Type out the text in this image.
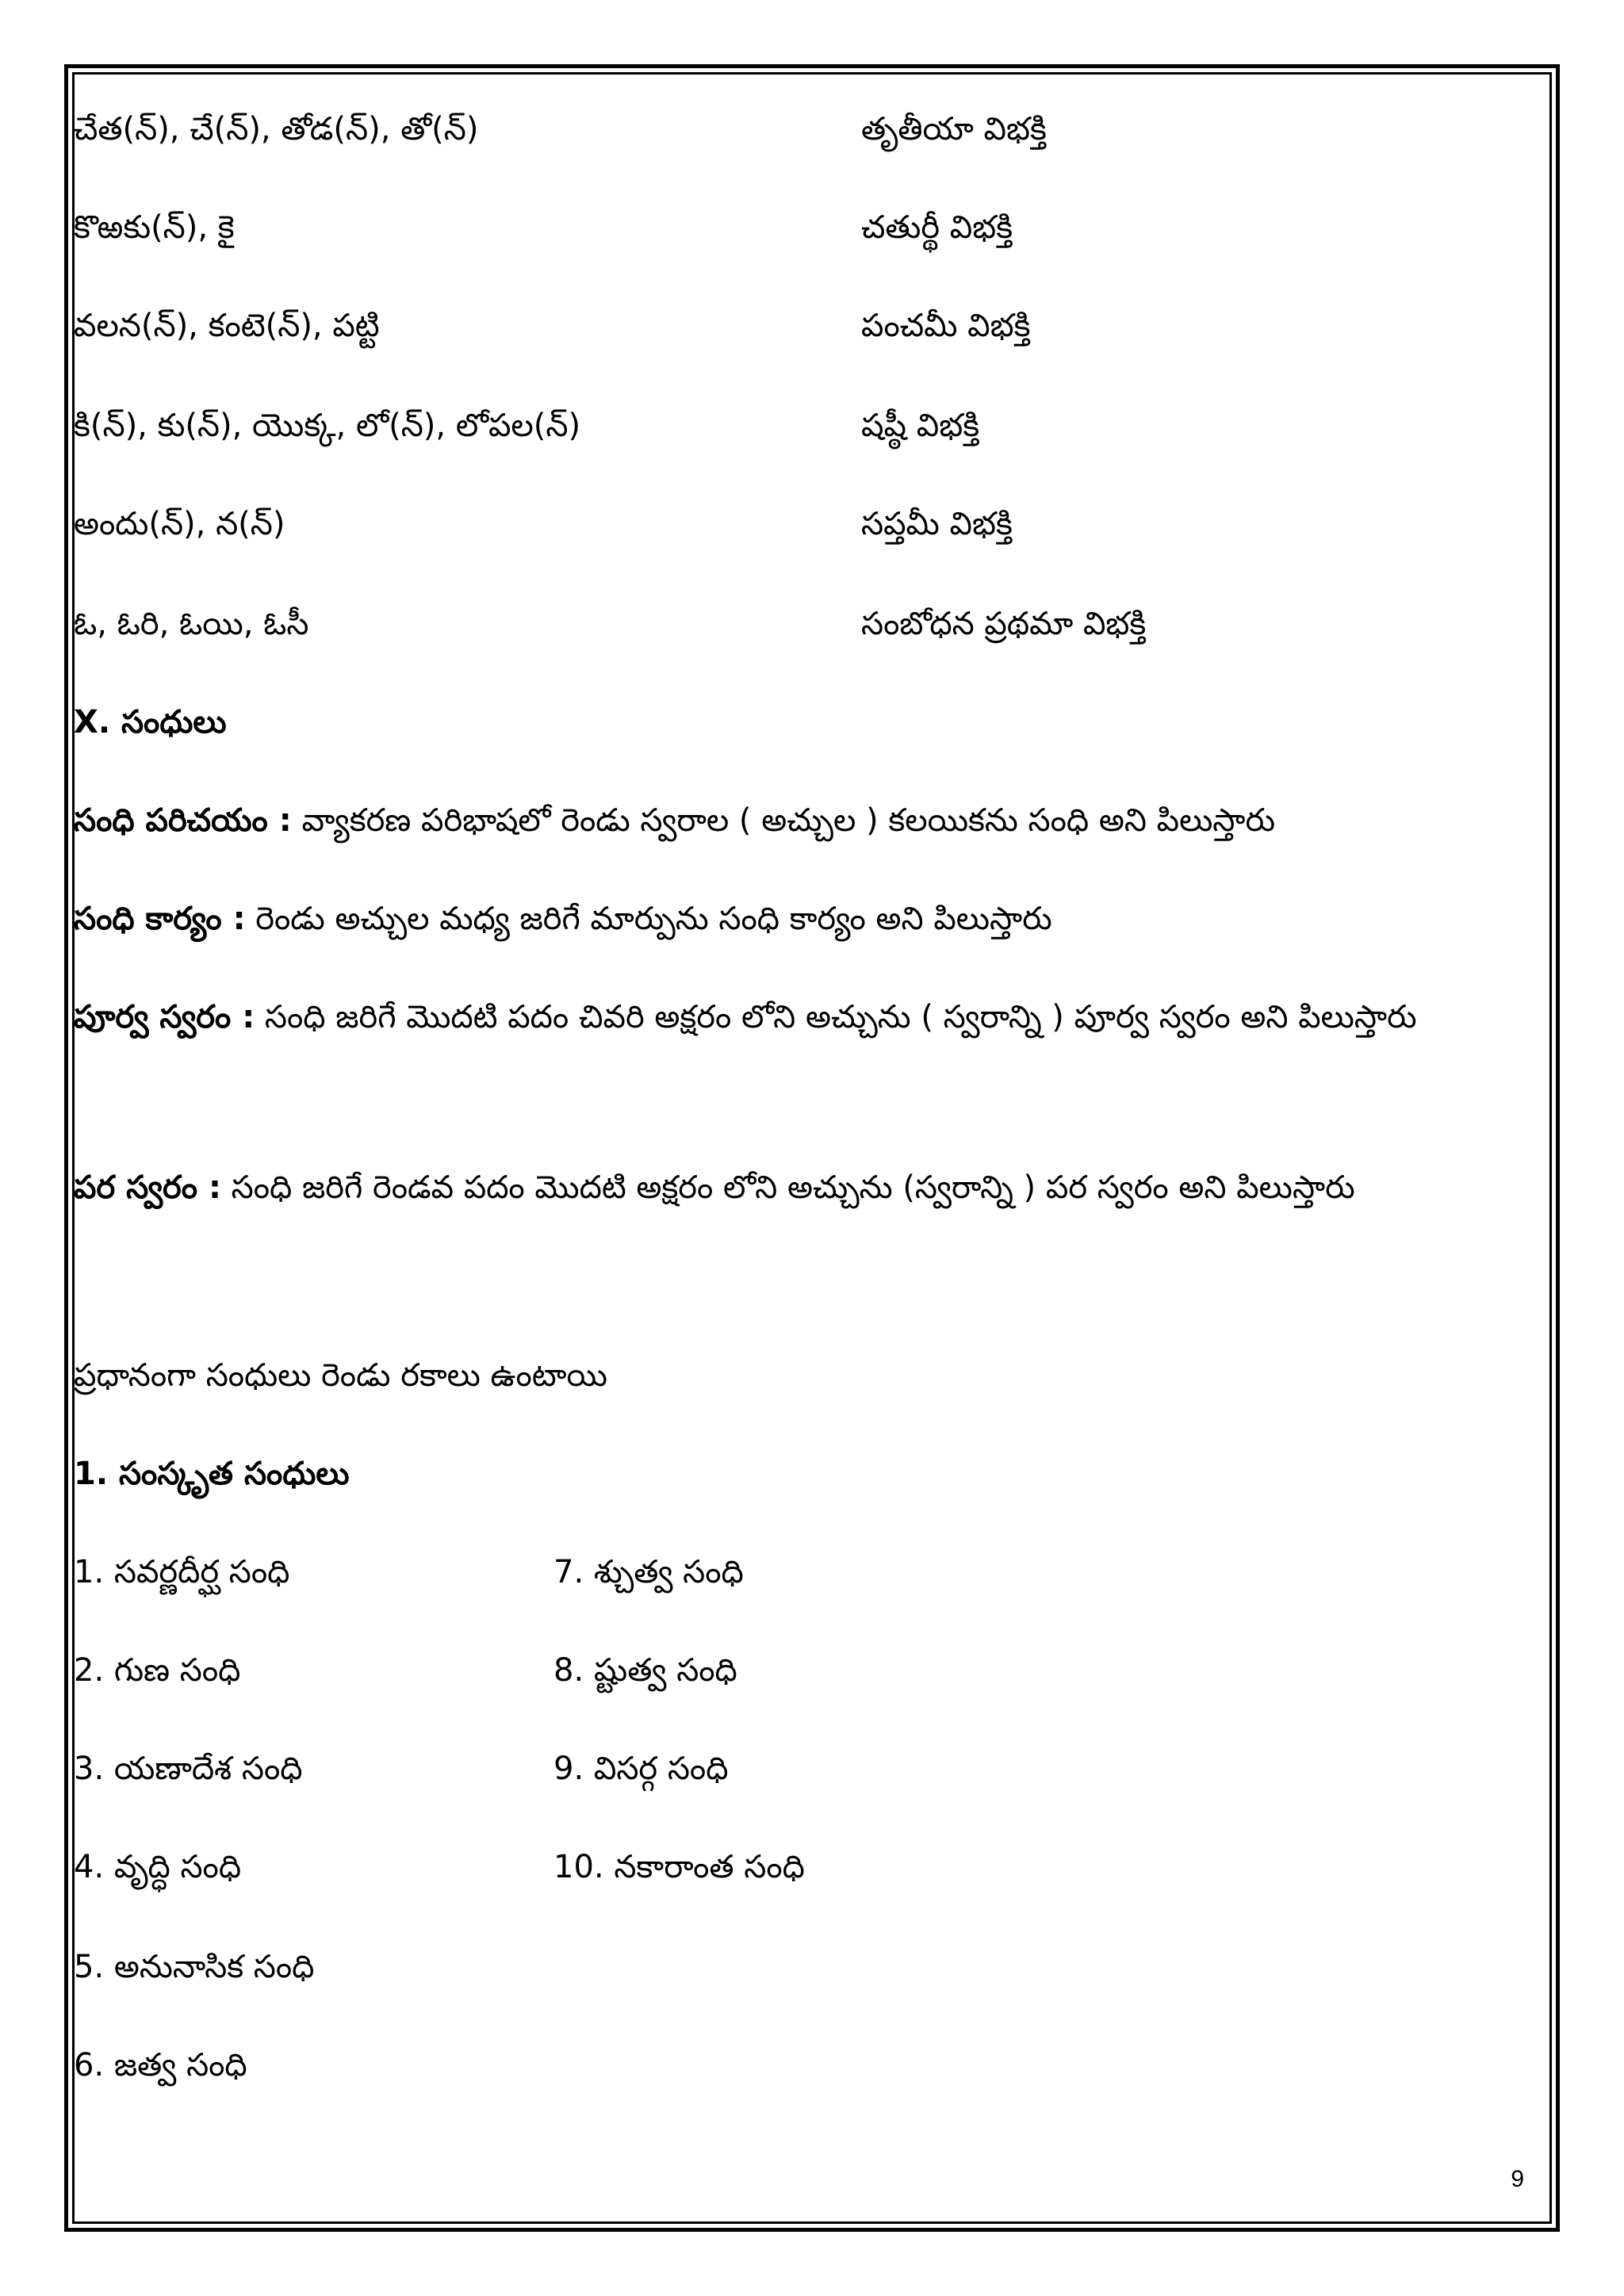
చేత(న్), చే(న్), తోడ(న్), తో(న్)	తృతీయా విభక్తి
కొఱకు(న్), కై	చతుర్థీ విభక్తి
వలన(న్), కంటె(న్), పట్టి	పంచమీ విభక్తి
కి(న్), కు(న్), యొక్క, లో(న్), లోపల(న్)	షష్ఠీ విభక్తి
అందు(న్), న(న్)	సప్తమీ విభక్తి
ఓ, ఓరి, ఓయి, ఓసీ	సంబోధన ప్రథమా విభక్తి
X. సంధులు
సంధి పరిచయం : వ్యాకరణ పరిభాషలో రెండు స్వరాల ( అచ్చుల ) కలయికను సంధి అని పిలుస్తారు
సంధి కార్యం : రెండు అచ్చుల మధ్య జరిగే మార్పును సంధి కార్యం అని పిలుస్తారు
పూర్వ స్వరం : సంధి జరిగే మొదటి పదం చివరి అక్షరం లోని అచ్చును ( స్వరాన్ని ) పూర్వ స్వరం అని పిలుస్తారు
పర స్వరం : సంధి జరిగే రెండవ పదం మొదటి అక్షరం లోని అచ్చును (స్వరాన్ని ) పర స్వరం అని పిలుస్తారు
ప్రధానంగా సంధులు రెండు రకాలు ఉంటాయి
1. సంస్కృత సంధులు
1. సవర్ణదీర్ఘ సంధి
2. గుణ సంధి
3. యణాదేశ సంధి
4. వృద్ధి సంధి
5. అనునాసిక సంధి
6. జత్వ సంధి
7. శ్చుత్వ సంధి
8. ష్టుత్వ సంధి
9. విసర్గ సంధి
10. నకారాంత సంధి
9
